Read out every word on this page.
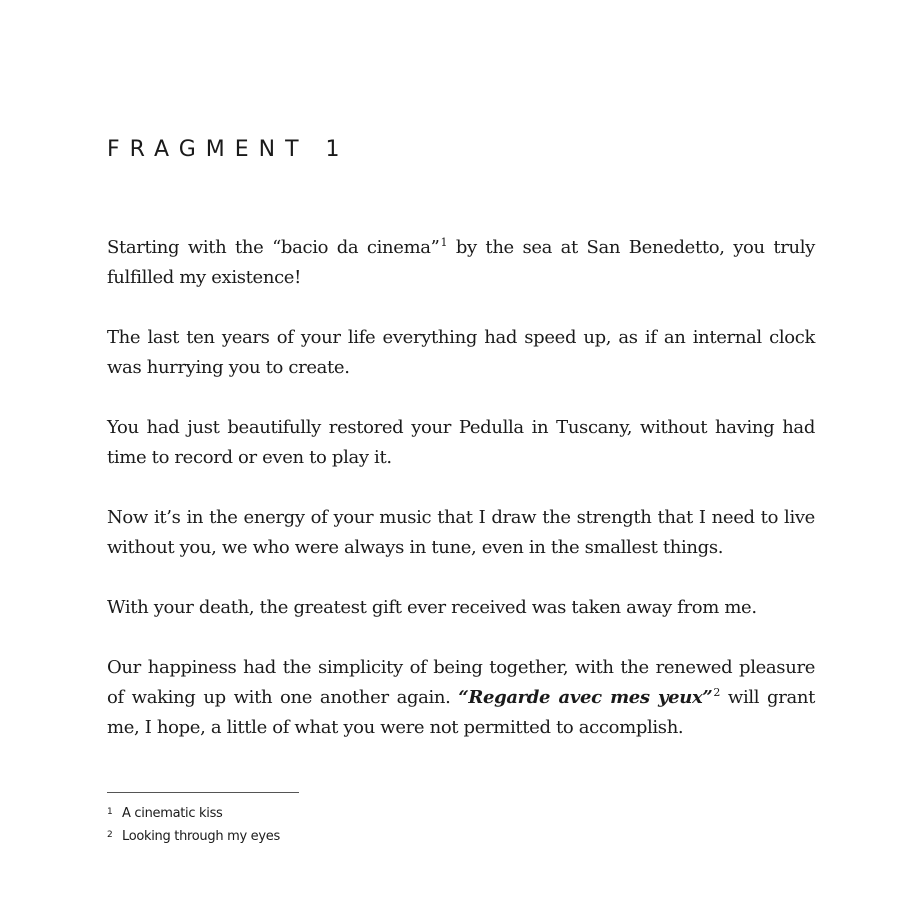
FRAGMENT 1

Starting with the “bacio da cinema”$^1$ by the sea at San Benedetto, you truly fulfilled my existence!

The last ten years of your life everything had speed up, as if an internal clock was hurrying you to create.

You had just beautifully restored your Pedulla in Tuscany, without having had time to record or even to play it.

Now it’s in the energy of your music that I draw the strength that I need to live without you, we who were always in tune, even in the smallest things.

With your death, the greatest gift ever received was taken away from me.

Our happiness had the simplicity of being together, with the renewed pleasure of waking up with one another again. “Regarde avec mes yeux”$^2$ will grant me, I hope, a little of what you were not permitted to accomplish.

1 A cinematic kiss
2 Looking through my eyes
